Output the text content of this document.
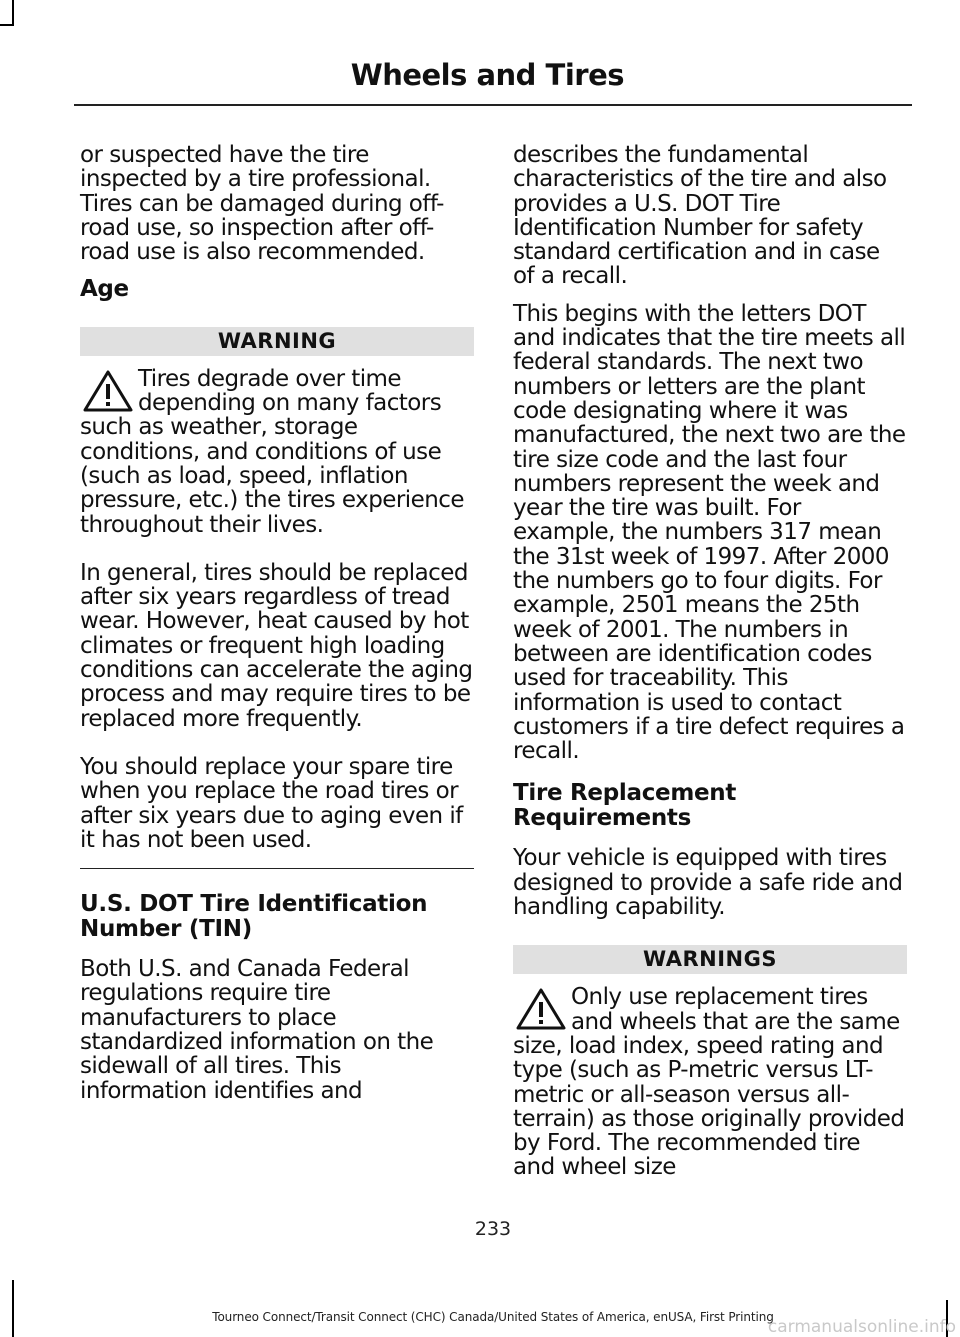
Wheels and Tires

or suspected have the tire inspected by a tire professional. Tires can be damaged during off-road use, so inspection after off-road use is also recommended.

Age
WARNING

Tires degrade over time depending on many factors such as weather, storage conditions, and conditions of use (such as load, speed, inflation pressure, etc.) the tires experience throughout their lives.

In general, tires should be replaced after six years regardless of tread wear. However, heat caused by hot climates or frequent high loading conditions can accelerate the aging process and may require tires to be replaced more frequently.

You should replace your spare tire when you replace the road tires or after six years due to aging even if it has not been used.

U.S. DOT Tire Identification Number (TIN)

Both U.S. and Canada Federal regulations require tire manufacturers to place standardized information on the sidewall of all tires. This information identifies and

describes the fundamental characteristics of the tire and also provides a U.S. DOT Tire Identification Number for safety standard certification and in case of a recall.

This begins with the letters DOT and indicates that the tire meets all federal standards. The next two numbers or letters are the plant code designating where it was manufactured, the next two are the tire size code and the last four numbers represent the week and year the tire was built. For example, the numbers 317 mean the 31st week of 1997. After 2000 the numbers go to four digits. For example, 2501 means the 25th week of 2001. The numbers in between are identification codes used for traceability. This information is used to contact customers if a tire defect requires a recall.

Tire Replacement Requirements

Your vehicle is equipped with tires designed to provide a safe ride and handling capability.

WARNINGS

Only use replacement tires and wheels that are the same size, load index, speed rating and type (such as P-metric versus LT-metric or all-season versus all-terrain) as those originally provided by Ford. The recommended tire and wheel size

233
Tourneo Connect/Transit Connect (CHC) Canada/United States of America, enUSA, First Printing
carmanualsonline.info
